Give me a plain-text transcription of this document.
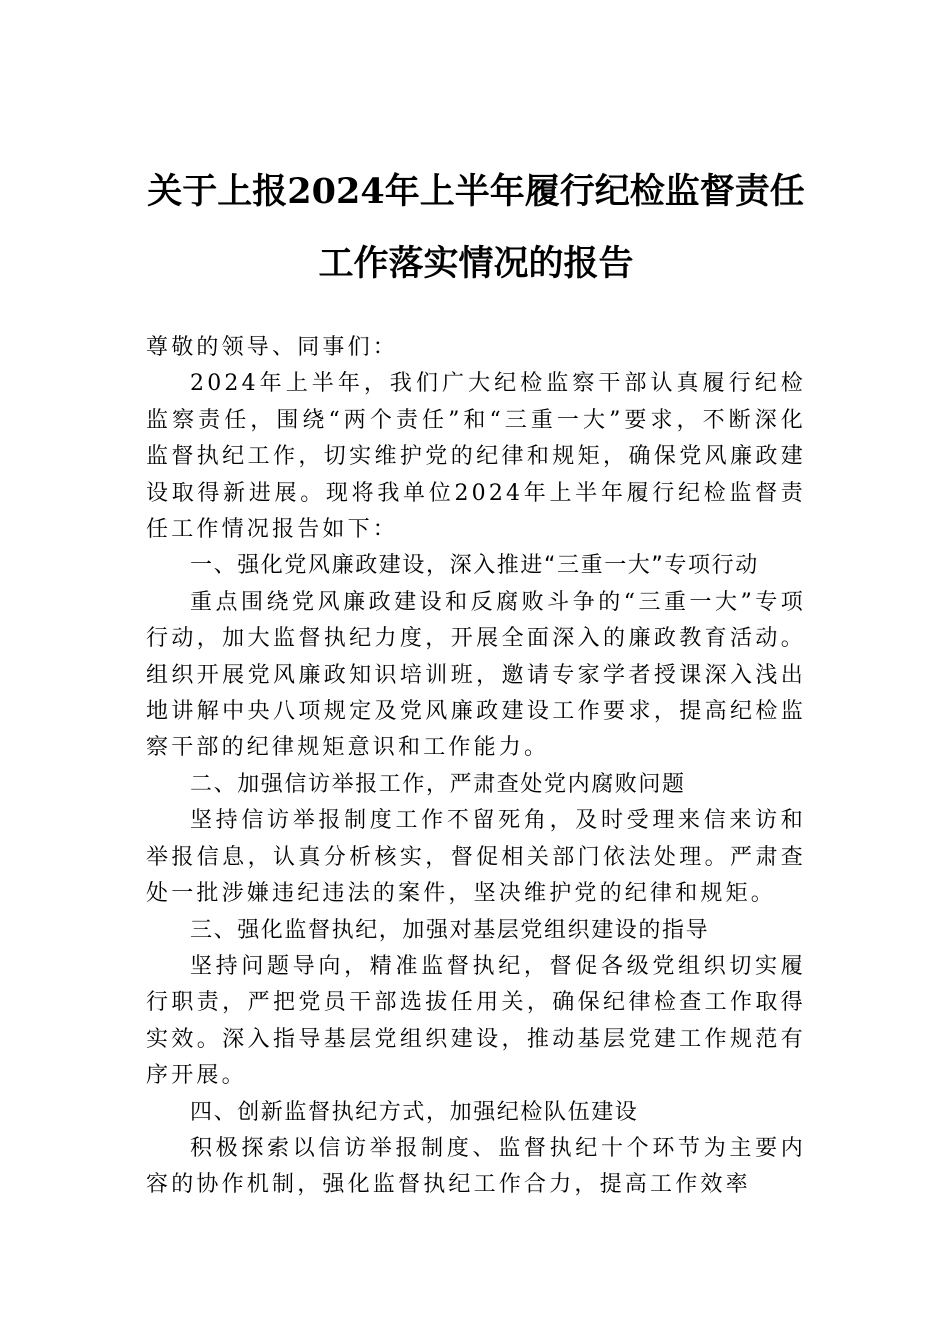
关于上报2024年上半年履行纪检监督责任
工作落实情况的报告

尊敬的领导、同事们：

2024年上半年，我们广大纪检监察干部认真履行纪检监察责任，围绕“两个责任”和“三重一大”要求，不断深化监督执纪工作，切实维护党的纪律和规矩，确保党风廉政建设取得新进展。现将我单位2024年上半年履行纪检监督责任工作情况报告如下：

一、强化党风廉政建设，深入推进“三重一大”专项行动

重点围绕党风廉政建设和反腐败斗争的“三重一大”专项行动，加大监督执纪力度，开展全面深入的廉政教育活动。组织开展党风廉政知识培训班，邀请专家学者授课深入浅出地讲解中央八项规定及党风廉政建设工作要求，提高纪检监察干部的纪律规矩意识和工作能力。

二、加强信访举报工作，严肃查处党内腐败问题

坚持信访举报制度工作不留死角，及时受理来信来访和举报信息，认真分析核实，督促相关部门依法处理。严肃查处一批涉嫌违纪违法的案件，坚决维护党的纪律和规矩。

三、强化监督执纪，加强对基层党组织建设的指导

坚持问题导向，精准监督执纪，督促各级党组织切实履行职责，严把党员干部选拔任用关，确保纪律检查工作取得实效。深入指导基层党组织建设，推动基层党建工作规范有序开展。

四、创新监督执纪方式，加强纪检队伍建设

积极探索以信访举报制度、监督执纪十个环节为主要内容的协作机制，强化监督执纪工作合力，提高工作效率
